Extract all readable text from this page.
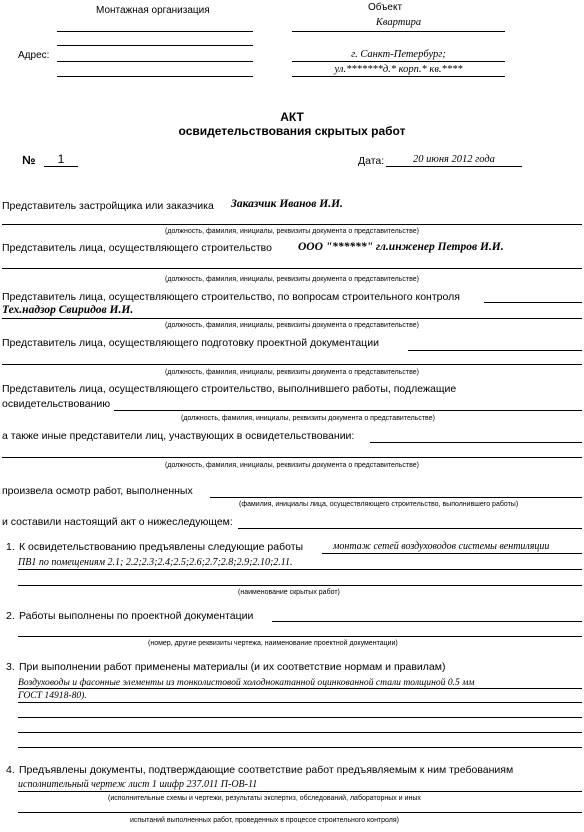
Монтажная организация	Объект
Квартира
Адрес:	г. Санкт-Петербург;
ул.*******д.* корп.* кв.****
АКТ
освидетельствования скрытых работ
№	1	Дата:	20 июня 2012 года
Представитель застройщика или заказчика Заказчик Иванов И.И.
(должность, фамилия, инициалы, реквизиты документа о представительстве)
Представитель лица, осуществляющего строительство ООО "******" гл.инженер Петров И.И.
(должность, фамилия, инициалы, реквизиты документа о представительстве)
Представитель лица, осуществляющего строительство, по вопросам строительного контроля
Тех.надзор Свиридов И.И.
(должность, фамилия, инициалы, реквизиты документа о представительстве)
Представитель лица, осуществляющего подготовку проектной документации
(должность, фамилия, инициалы, реквизиты документа о представительстве)
Представитель лица, осуществляющего строительство, выполнившего работы, подлежащие
освидетельствованию
(должность, фамилия, инициалы, реквизиты документа о представительстве)
а также иные представители лиц, участвующих в освидетельствовании:
(должность, фамилия, инициалы, реквизиты документа о представительстве)
произвела осмотр работ, выполненных
(фамилия, инициалы лица, осуществляющего строительство, выполнившего работы)
и составили настоящий акт о нижеследующем:
1. К освидетельствованию предъявлены следующие работы	монтаж сетей воздуховодов системы вентиляции
ПВ1 по помещениям 2.1; 2.2;2.3;2.4;2.5;2.6;2.7;2.8;2.9;2.10;2.11.
(наименование скрытых работ)
2. Работы выполнены по проектной документации
(номер, другие реквизиты чертежа, наименование проектной документации)
3. При выполнении работ применены материалы (и их соответствие нормам и правилам)
Воздуховоды и фасонные элементы из тонколистовой холоднокатанной оцинкованной стали толщиной 0.5 мм
ГОСТ 14918-80).
4. Предъявлены документы, подтверждающие соответствие работ предъявляемым к ним требованиям
исполнительный чертеж лист 1 шифр 237.011 П-ОВ-11
(исполнительные схемы и чертежи, результаты экспертиз, обследований, лабораторных и иных
испытаний выполненных работ, проведенных в процессе строительного контроля)
